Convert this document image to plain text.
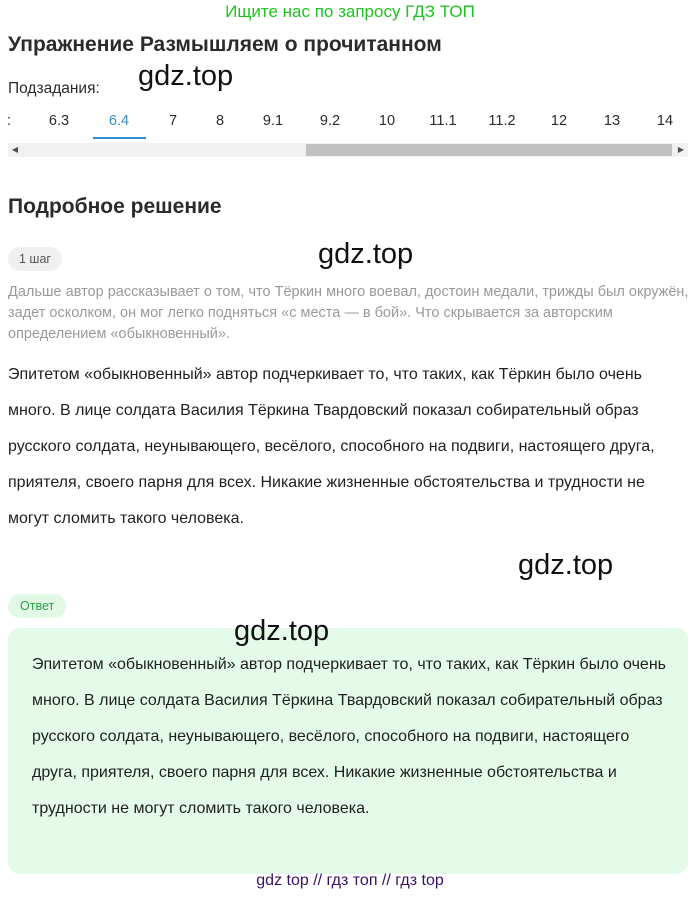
Ищите нас по запросу ГДЗ ТОП
Упражнение Размышляем о прочитанном
Подзадания: gdz.top
:	6.3	6.4	7	8	9.1	9.2	10 11.1 11.2 12	13	14
◀	▶
Подробное решение
1 шаг	gdz.top
Дальше автор рассказывает о том, что Тёркин много воевал, достоин медали, трижды был окружён, задет осколком, он мог легко подняться «с места — в бой». Что скрывается за авторским определением «обыкновенный».
Эпитетом «обыкновенный» автор подчеркивает то, что таких, как Тёркин было очень много. В лице солдата Василия Тёркина Твардовский показал собирательный образ русского солдата, неунывающего, весёлого, способного на подвиги, настоящего друга, приятеля, своего парня для всех. Никакие жизненные обстоятельства и трудности не могут сломить такого человека.
gdz.top
Ответ
Эпитетом «обыкновенный» автор подчеркивает то, что таких, как Тёркин было очень много. В лице солдата Василия Тёркина Твардовский показал собирательный образ русского солдата, неунывающего, весёлого, способного на подвиги, настоящего друга, приятеля, своего парня для всех. Никакие жизненные обстоятельства и трудности не могут сломить такого человека.
gdz.top
gdz top // гдз топ // гдз top
